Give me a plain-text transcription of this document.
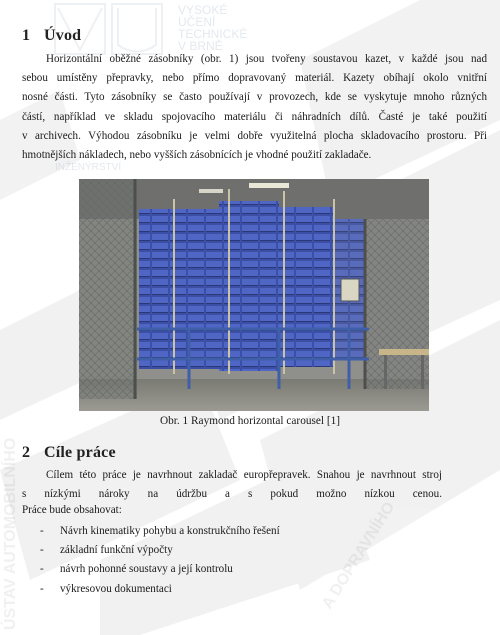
VYSOKÉ
UČENÍ
TECHNICKÉ
V BRNĚ
INŽENÝRSTVÍ
ÚSTAV AUTOMOBILNÍHO	A DOPRAVNÍHO
1 Úvod
Horizontální oběžné zásobníky (obr. 1) jsou tvořeny soustavou kazet, v každé jsou nad
sebou umístěny přepravky, nebo přímo dopravovaný materiál. Kazety obíhají okolo vnitřní
nosné části. Tyto zásobníky se často používají v provozech, kde se vyskytuje mnoho různých
částí, například ve skladu spojovacího materiálu či náhradních dílů. Časté je také použití
v archivech. Výhodou zásobníku je velmi dobře využitelná plocha skladovacího prostoru. Při
hmotnějších nákladech, nebo vyšších zásobnících je vhodné použití zakladače.
Obr. 1 Raymond horizontal carousel [1]
2 Cíle práce
Cílem této práce je navrhnout zakladač europřepravek. Snahou je navrhnout stroj
s nízkými nároky na údržbu a s pokud možno nízkou cenou.
Práce bude obsahovat:
- Návrh kinematiky pohybu a konstrukčního řešení
- základní funkční výpočty
- návrh pohonné soustavy a její kontrolu
- výkresovou dokumentaci
